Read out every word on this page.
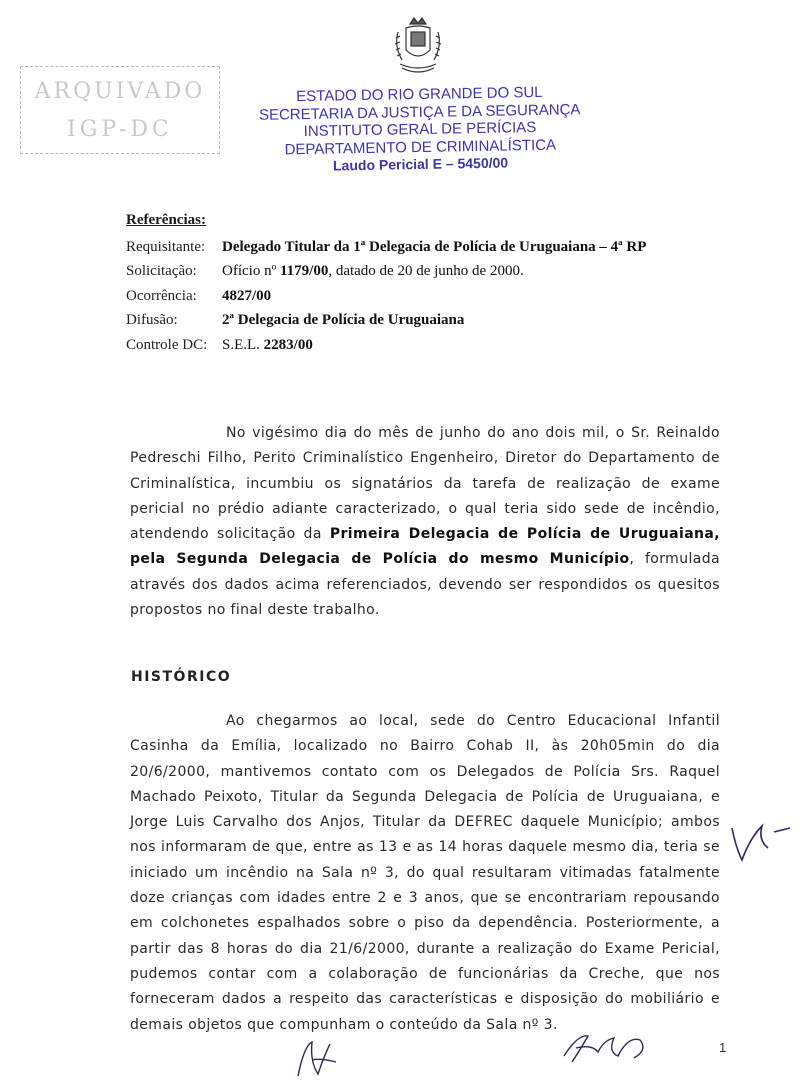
ARQUIVADO
IGP-DC
ESTADO DO RIO GRANDE DO SUL
SECRETARIA DA JUSTIÇA E DA SEGURANÇA
INSTITUTO GERAL DE PERÍCIAS
DEPARTAMENTO DE CRIMINALÍSTICA
Laudo Pericial E – 5450/00
Referências:
Requisitante:	Delegado Titular da 1ª Delegacia de Polícia de Uruguaiana – 4ª RP
Solicitação:	Ofício nº 1179/00, datado de 20 de junho de 2000.
Ocorrência:	4827/00
Difusão:	2ª Delegacia de Polícia de Uruguaiana
Controle DC: S.E.L. 2283/00
No vigésimo dia do mês de junho do ano dois mil, o Sr. Reinaldo Pedreschi Filho, Perito Criminalístico Engenheiro, Diretor do Departamento de Criminalística, incumbiu os signatários da tarefa de realização de exame pericial no prédio adiante caracterizado, o qual teria sido sede de incêndio, atendendo solicitação da Primeira Delegacia de Polícia de Uruguaiana, pela Segunda Delegacia de Polícia do mesmo Município, formulada através dos dados acima referenciados, devendo ser respondidos os quesitos propostos no final deste trabalho.
HISTÓRICO
Ao chegarmos ao local, sede do Centro Educacional Infantil Casinha da Emília, localizado no Bairro Cohab II, às 20h05min do dia 20/6/2000, mantivemos contato com os Delegados de Polícia Srs. Raquel Machado Peixoto, Titular da Segunda Delegacia de Polícia de Uruguaiana, e Jorge Luis Carvalho dos Anjos, Titular da DEFREC daquele Município; ambos nos informaram de que, entre as 13 e as 14 horas daquele mesmo dia, teria se iniciado um incêndio na Sala nº 3, do qual resultaram vitimadas fatalmente doze crianças com idades entre 2 e 3 anos, que se encontrariam repousando em colchonetes espalhados sobre o piso da dependência. Posteriormente, a partir das 8 horas do dia 21/6/2000, durante a realização do Exame Pericial, pudemos contar com a colaboração de funcionárias da Creche, que nos forneceram dados a respeito das características e disposição do mobiliário e demais objetos que compunham o conteúdo da Sala nº 3.
1
